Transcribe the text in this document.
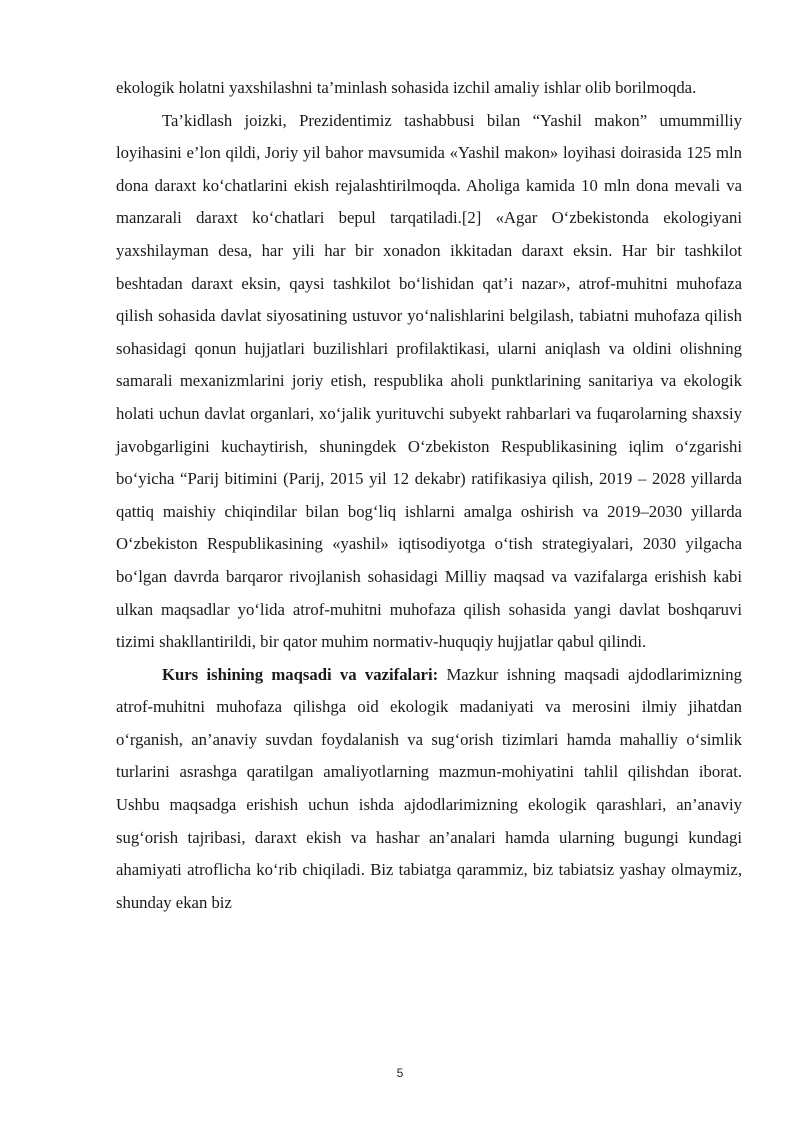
ekologik holatni yaxshilashni ta’minlash sohasida izchil amaliy ishlar olib borilmoqda.

Ta’kidlash joizki, Prezidentimiz tashabbusi bilan “Yashil makon” umummilliy loyihasini e’lon qildi, Joriy yil bahor mavsumida «Yashil makon» loyihasi doirasida 125 mln dona daraxt ko‘chatlarini ekish rejalashtirilmoqda. Aholiga kamida 10 mln dona mevali va manzarali daraxt ko‘chatlari bepul tarqatiladi.[2] «Agar O‘zbekistonda ekologiyani yaxshilayman desa, har yili har bir xonadon ikkitadan daraxt eksin. Har bir tashkilot beshtadan daraxt eksin, qaysi tashkilot bo‘lishidan qat’i nazar», atrof-muhitni muhofaza qilish sohasida davlat siyosatining ustuvor yo‘nalishlarini belgilash, tabiatni muhofaza qilish sohasidagi qonun hujjatlari buzilishlari profilaktikasi, ularni aniqlash va oldini olishning samarali mexanizmlarini joriy etish, respublika aholi punktlarining sanitariya va ekologik holati uchun davlat organlari, xo‘jalik yurituvchi subyekt rahbarlari va fuqarolarning shaxsiy javobgarligini kuchaytirish, shuningdek O‘zbekiston Respublikasining iqlim o‘zgarishi bo‘yicha “Parij bitimini (Parij, 2015 yil 12 dekabr) ratifikasiya qilish, 2019 – 2028 yillarda qattiq maishiy chiqindilar bilan bog‘liq ishlarni amalga oshirish va 2019–2030 yillarda O‘zbekiston Respublikasining «yashil» iqtisodiyotga o‘tish strategiyalari, 2030 yilgacha bo‘lgan davrda barqaror rivojlanish sohasidagi Milliy maqsad va vazifalarga erishish kabi ulkan maqsadlar yo‘lida atrof-muhitni muhofaza qilish sohasida yangi davlat boshqaruvi tizimi shakllantirildi, bir qator muhim normativ-huquqiy hujjatlar qabul qilindi.

Kurs ishining maqsadi va vazifalari: Mazkur ishning maqsadi ajdodlarimizning atrof-muhitni muhofaza qilishga oid ekologik madaniyati va merosini ilmiy jihatdan o‘rganish, an’anaviy suvdan foydalanish va sug‘orish tizimlari hamda mahalliy o‘simlik turlarini asrashga qaratilgan amaliyotlarning mazmun-mohiyatini tahlil qilishdan iborat. Ushbu maqsadga erishish uchun ishda ajdodlarimizning ekologik qarashlari, an’anaviy sug‘orish tajribasi, daraxt ekish va hashar an’analari hamda ularning bugungi kundagi ahamiyati atroflicha ko‘rib chiqiladi. Biz tabiatga qarammiz, biz tabiatsiz yashay olmaymiz, shunday ekan biz

5
